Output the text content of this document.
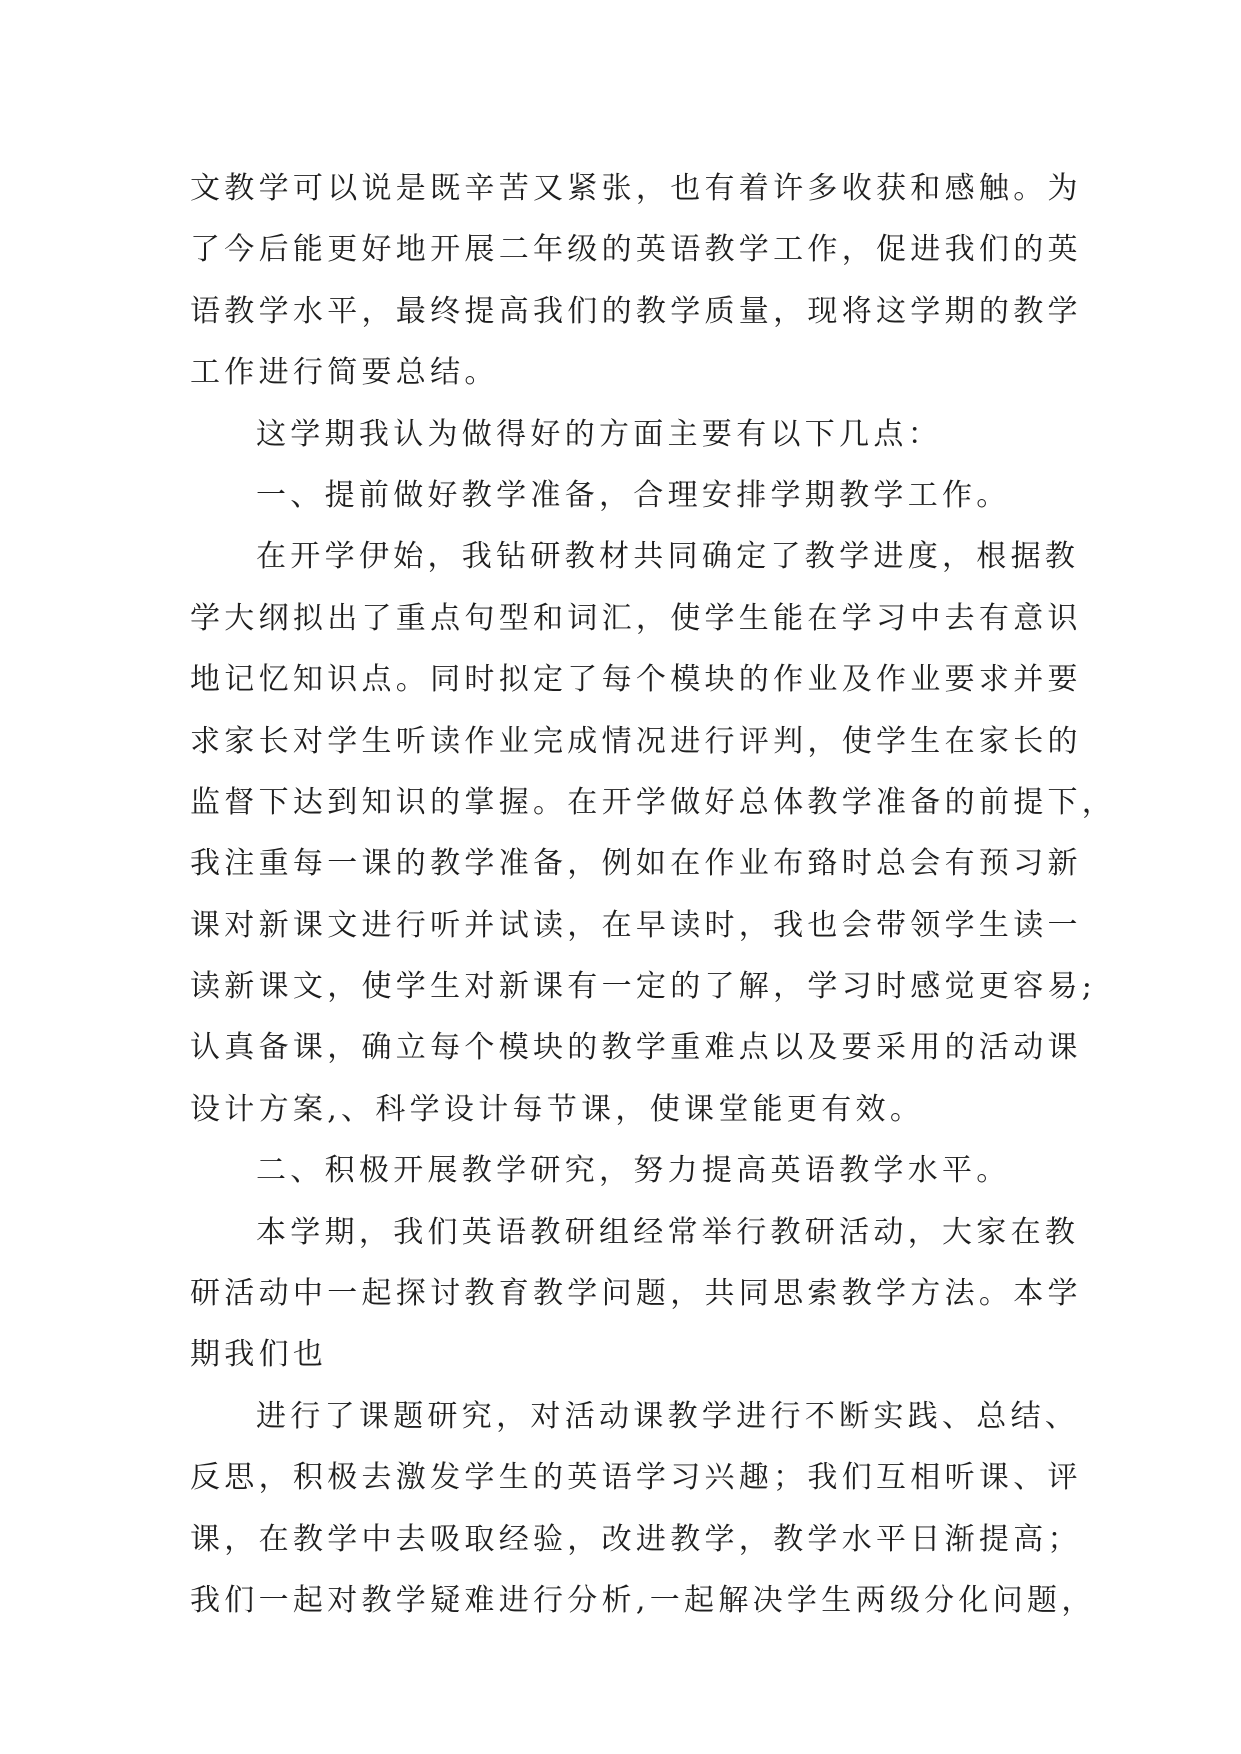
文教学可以说是既辛苦又紧张，也有着许多收获和感触。为
了今后能更好地开展二年级的英语教学工作，促进我们的英
语教学水平，最终提高我们的教学质量，现将这学期的教学
工作进行简要总结。
这学期我认为做得好的方面主要有以下几点：
一、提前做好教学准备，合理安排学期教学工作。
在开学伊始，我钻研教材共同确定了教学进度，根据教
学大纲拟出了重点句型和词汇，使学生能在学习中去有意识
地记忆知识点。同时拟定了每个模块的作业及作业要求并要
求家长对学生听读作业完成情况进行评判，使学生在家长的
监督下达到知识的掌握。在开学做好总体教学准备的前提下，
我注重每一课的教学准备，例如在作业布臵时总会有预习新
课对新课文进行听并试读，在早读时，我也会带领学生读一
读新课文，使学生对新课有一定的了解，学习时感觉更容易;
认真备课，确立每个模块的教学重难点以及要采用的活动课
设计方案,、科学设计每节课，使课堂能更有效。
二、积极开展教学研究，努力提高英语教学水平。
本学期，我们英语教研组经常举行教研活动，大家在教
研活动中一起探讨教育教学问题，共同思索教学方法。本学
期我们也
进行了课题研究，对活动课教学进行不断实践、总结、
反思，积极去激发学生的英语学习兴趣；我们互相听课、评
课，在教学中去吸取经验，改进教学，教学水平日渐提高；
我们一起对教学疑难进行分析,一起解决学生两级分化问题，
